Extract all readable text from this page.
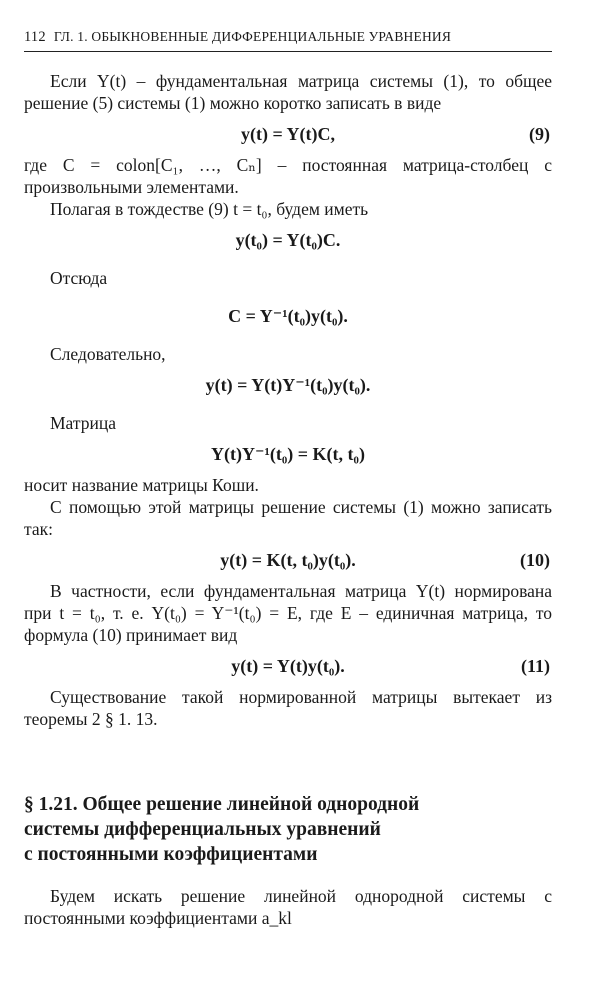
112 ГЛ. 1. ОБЫКНОВЕННЫЕ ДИФФЕРЕНЦИАЛЬНЫЕ УРАВНЕНИЯ

Если Y(t) – фундаментальная матрица системы (1), то общее решение (5) системы (1) можно коротко записать в виде

y(t) = Y(t)C,	(9)

где C = colon[C₁, …, Cₙ] – постоянная матрица-столбец с произвольными элементами.

Полагая в тождестве (9) t = t₀, будем иметь

y(t₀) = Y(t₀)C.

Отсюда

C = Y⁻¹(t₀)y(t₀).

Следовательно,

y(t) = Y(t)Y⁻¹(t₀)y(t₀).

Матрица

Y(t)Y⁻¹(t₀) = K(t, t₀)

носит название матрицы Коши.

С помощью этой матрицы решение системы (1) можно записать так:

y(t) = K(t, t₀)y(t₀).	(10)

В частности, если фундаментальная матрица Y(t) нормирована при t = t₀, т. е. Y(t₀) = Y⁻¹(t₀) = E, где E – единичная матрица, то формула (10) принимает вид

y(t) = Y(t)y(t₀).	(11)

Существование такой нормированной матрицы вытекает из теоремы 2 § 1. 13.

§ 1.21. Общее решение линейной однородной
системы дифференциальных уравнений
с постоянными коэффициентами

Будем искать решение линейной однородной системы с постоянными коэффициентами a_kl
